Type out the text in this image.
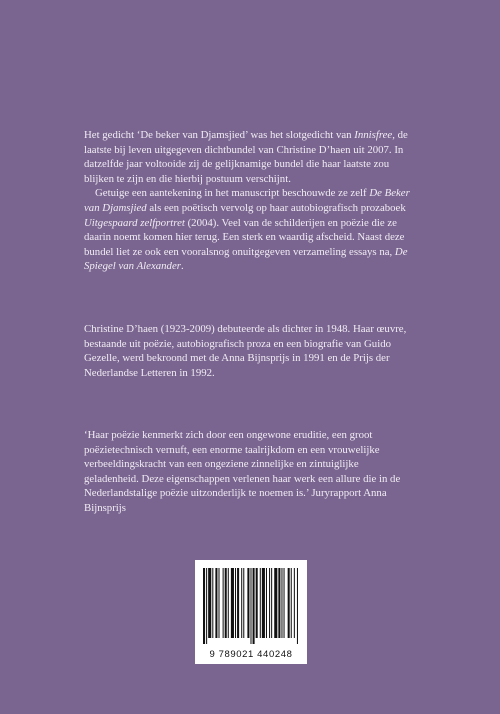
Het gedicht ‘De beker van Djamsjied’ was het slotgedicht van Innisfree, de laatste bij leven uitgegeven dichtbundel van Christine D’haen uit 2007. In datzelfde jaar voltooide zij de gelijknamige bundel die haar laatste zou blijken te zijn en die hierbij postuum verschijnt.

Getuige een aantekening in het manuscript beschouwde ze zelf De Beker van Djamsjied als een poëtisch vervolg op haar autobiografisch prozaboek Uitgespaard zelfportret (2004). Veel van de schilderijen en poëzie die ze daarin noemt komen hier terug. Een sterk en waardig afscheid. Naast deze bundel liet ze ook een vooralsnog onuitgegeven verzameling essays na, De Spiegel van Alexander.

Christine D’haen (1923-2009) debuteerde als dichter in 1948. Haar œuvre, bestaande uit poëzie, autobiografisch proza en een biografie van Guido Gezelle, werd bekroond met de Anna Bijnsprijs in 1991 en de Prijs der Nederlandse Letteren in 1992.

‘Haar poëzie kenmerkt zich door een ongewone eruditie, een groot poëzietechnisch vernuft, een enorme taalrijkdom en een vrouwelijke verbeeldingskracht van een ongeziene zinnelijke en zintuiglijke geladenheid. Deze eigenschappen verlenen haar werk een allure die in de Nederlandstalige poëzie uitzonderlijk te noemen is.’ Juryrapport Anna Bijnsprijs

9 789021 440248
